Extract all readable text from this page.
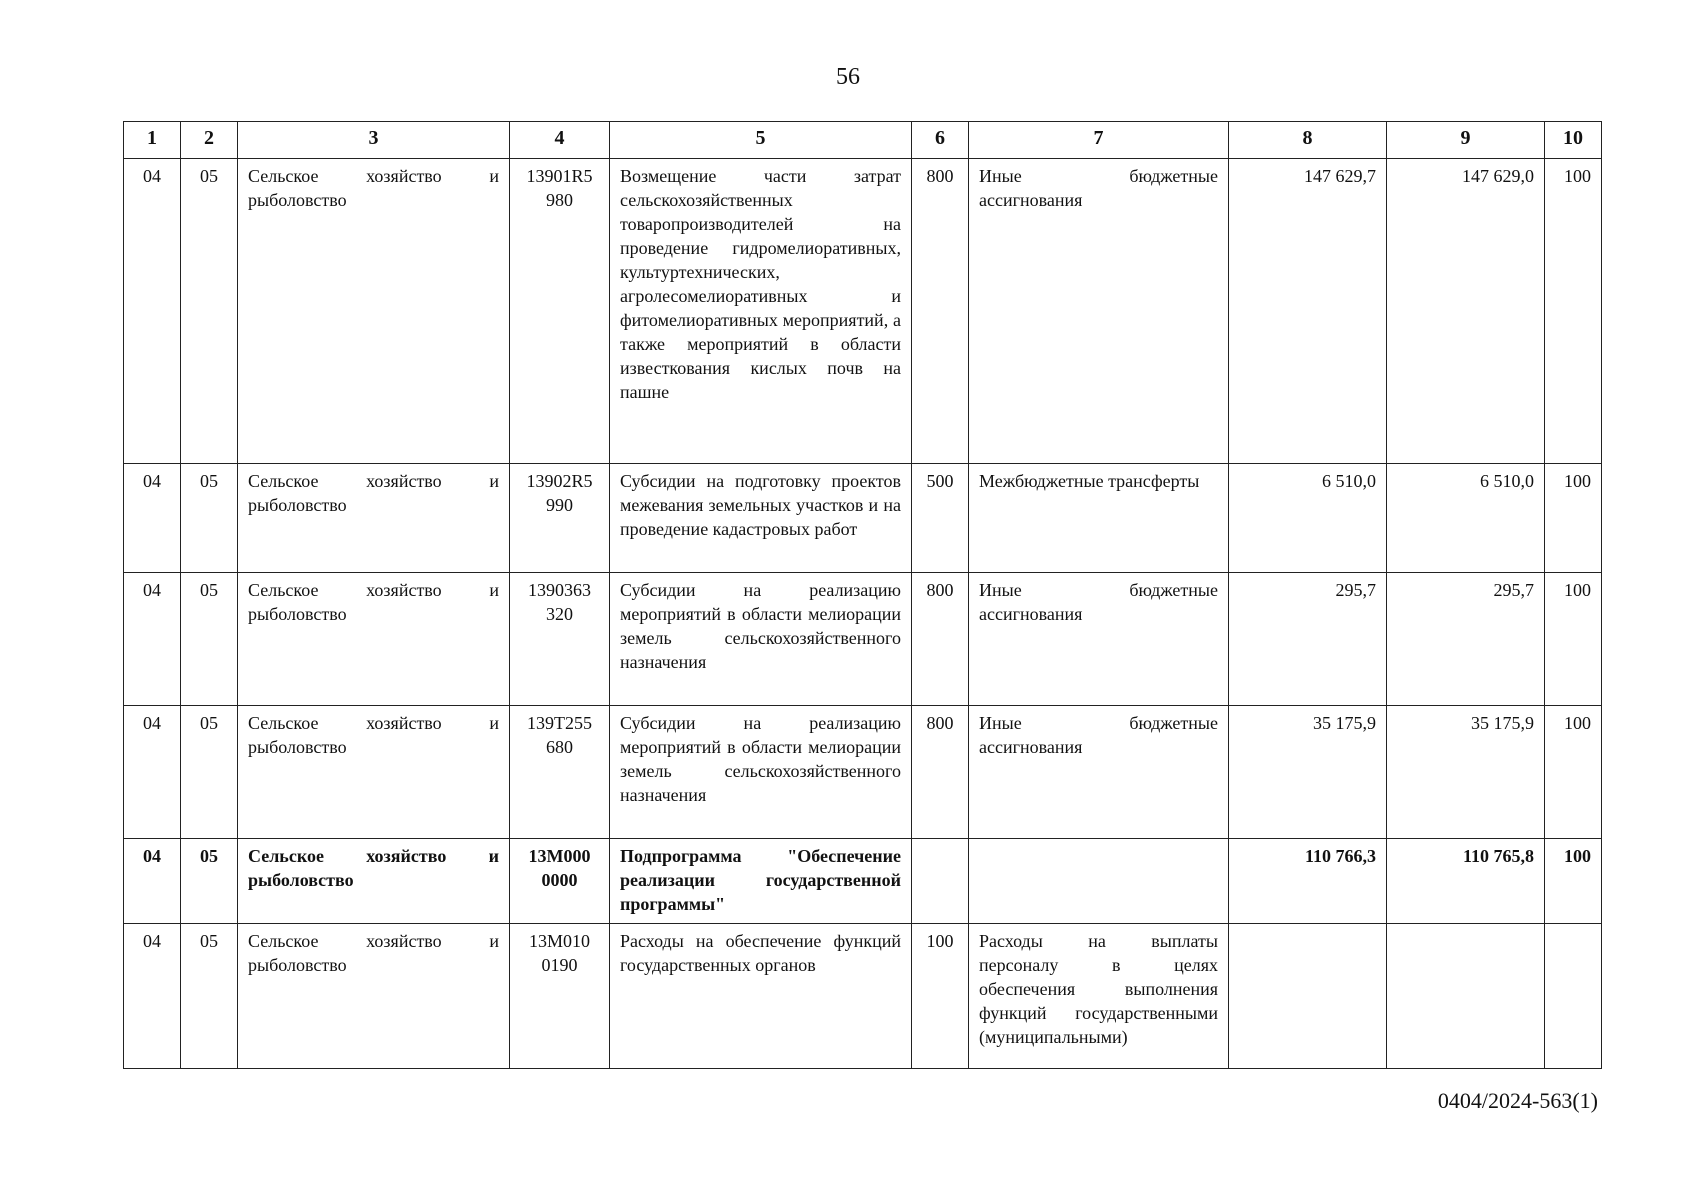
56
1	2	3	4	5	6	7	8	9	10
04	05	Сельское хозяйство и рыболовство	13901R5 980	Возмещение части затрат сельскохозяйственных товаропроизводителей на проведение гидромелиоративных, культуртехнических, агролесомелиоративных и фитомелиоративных мероприятий, а также мероприятий в области известкования кислых почв на пашне	800	Иные бюджетные ассигнования	147 629,7	147 629,0	100
04	05	Сельское хозяйство и рыболовство	13902R5 990	Субсидии на подготовку проектов межевания земельных участков и на проведение кадастровых работ	500	Межбюджетные трансферты	6 510,0	6 510,0	100
04	05	Сельское хозяйство и рыболовство	1390363 320	Субсидии на реализацию мероприятий в области мелиорации земель сельскохозяйственного назначения	800	Иные бюджетные ассигнования	295,7	295,7	100
04	05	Сельское хозяйство и рыболовство	139Т255 680	Субсидии на реализацию мероприятий в области мелиорации земель сельскохозяйственного назначения	800	Иные бюджетные ассигнования	35 175,9	35 175,9	100
04	05	Сельское хозяйство и рыболовство	13М000 0000	Подпрограмма "Обеспечение реализации государственной программы"			110 766,3	110 765,8	100
04	05	Сельское хозяйство и рыболовство	13М010 0190	Расходы на обеспечение функций государственных органов	100	Расходы на выплаты персоналу в целях обеспечения выполнения функций государственными (муниципальными)			
0404/2024-563(1)
